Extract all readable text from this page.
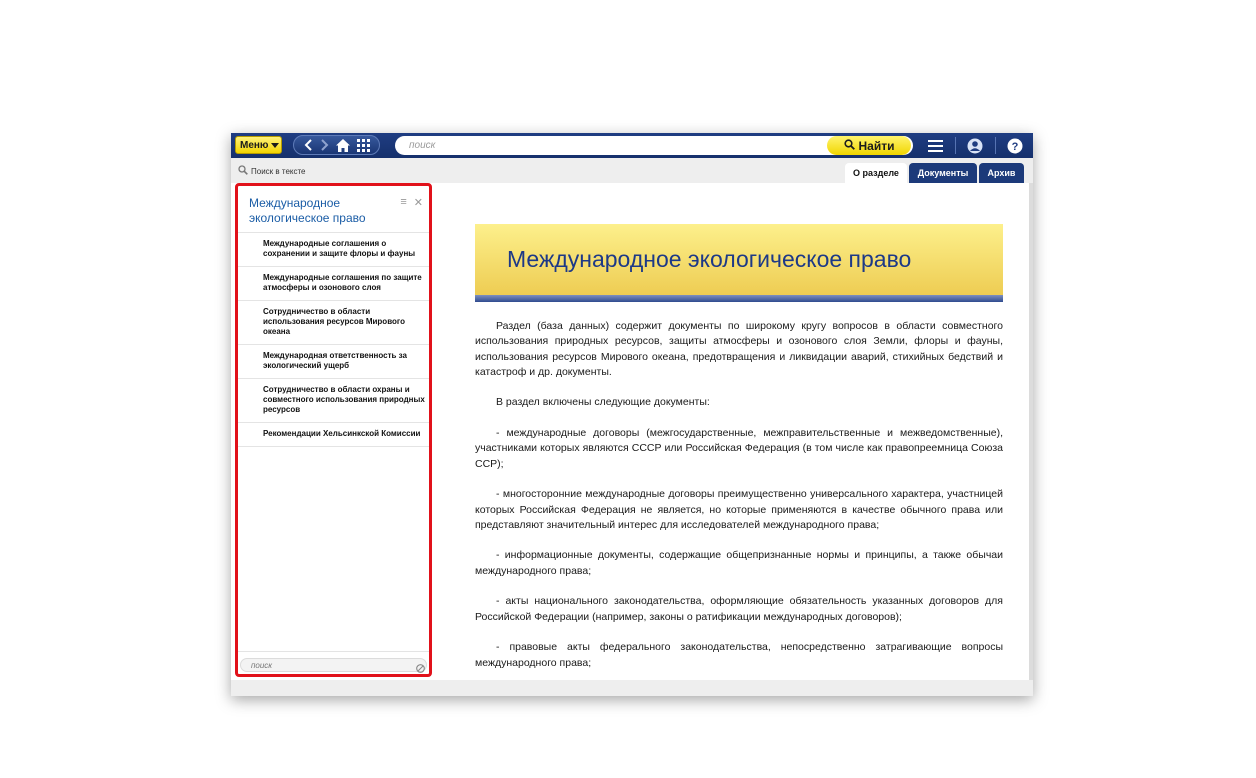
Меню
поиск	Найти	?
Поиск в тексте	О разделе Документы Архив
Международное экологическое право
≡ ✕
Международные соглашения о сохранении и защите флоры и фауны
Международные соглашения по защите атмосферы и озонового слоя
Сотрудничество в области использования ресурсов Мирового океана
Международная ответственность за экологический ущерб
Сотрудничество в области охраны и совместного использования природных ресурсов
Рекомендации Хельсинкской Комиссии
поиск
Международное экологическое право

Раздел (база данных) содержит документы по широкому кругу вопросов в области совместного использования природных ресурсов, защиты атмосферы и озонового слоя Земли, флоры и фауны, использования ресурсов Мирового океана, предотвращения и ликвидации аварий, стихийных бедствий и катастроф и др. документы.

В раздел включены следующие документы:

- международные договоры (межгосударственные, межправительственные и межведомственные), участниками которых являются СССР или Российская Федерация (в том числе как правопреемница Союза ССР);

- многосторонние международные договоры преимущественно универсального характера, участницей которых Российская Федерация не является, но которые применяются в качестве обычного права или представляют значительный интерес для исследователей международного права;

- информационные документы, содержащие общепризнанные нормы и принципы, а также обычаи международного права;

- акты национального законодательства, оформляющие обязательность указанных договоров для Российской Федерации (например, законы о ратификации международных договоров);

- правовые акты федерального законодательства, непосредственно затрагивающие вопросы международного права;
